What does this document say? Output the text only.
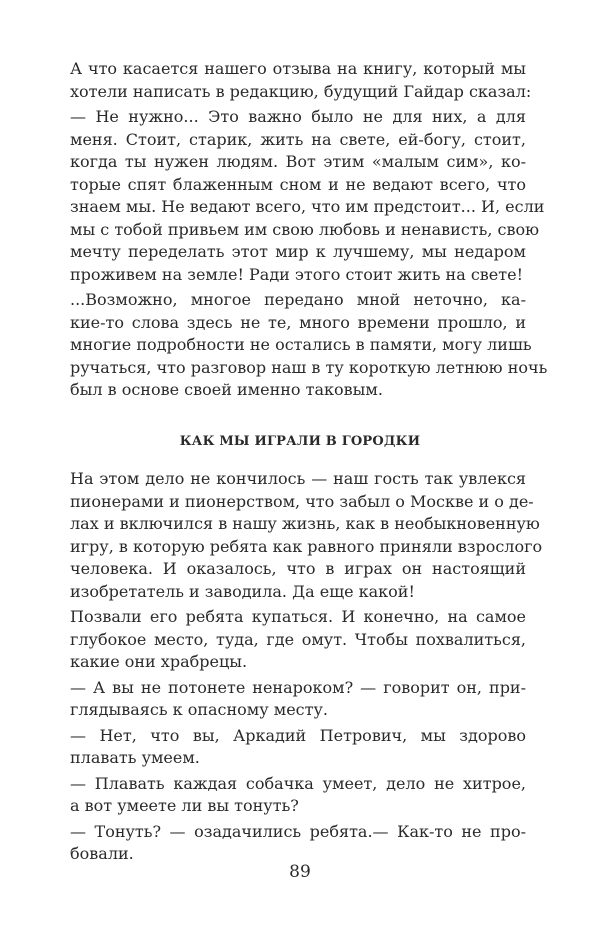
А что касается нашего отзыва на книгу, который мы
хотели написать в редакцию, будущий Гайдар сказал:
— Не нужно... Это важно было не для них, а для
меня. Стоит, старик, жить на свете, ей-богу, стоит,
когда ты нужен людям. Вот этим «малым сим», ко-
торые спят блаженным сном и не ведают всего, что
знаем мы. Не ведают всего, что им предстоит... И, если
мы с тобой привьем им свою любовь и ненависть, свою
мечту переделать этот мир к лучшему, мы недаром
проживем на земле! Ради этого стоит жить на свете!
...Возможно, многое передано мной неточно, ка-
кие-то слова здесь не те, много времени прошло, и
многие подробности не остались в памяти, могу лишь
ручаться, что разговор наш в ту короткую летнюю ночь
был в основе своей именно таковым.
КАК МЫ ИГРАЛИ В ГОРОДКИ
На этом дело не кончилось — наш гость так увлекся
пионерами и пионерством, что забыл о Москве и о де-
лах и включился в нашу жизнь, как в необыкновенную
игру, в которую ребята как равного приняли взрослого
человека. И оказалось, что в играх он настоящий
изобретатель и заводила. Да еще какой!
Позвали его ребята купаться. И конечно, на самое
глубокое место, туда, где омут. Чтобы похвалиться,
какие они храбрецы.
— А вы не потонете ненароком? — говорит он, при-
глядываясь к опасному месту.
— Нет, что вы, Аркадий Петрович, мы здорово
плавать умеем.
— Плавать каждая собачка умеет, дело не хитрое,
а вот умеете ли вы тонуть?
— Тонуть? — озадачились ребята.— Как-то не про-
бовали.
89
